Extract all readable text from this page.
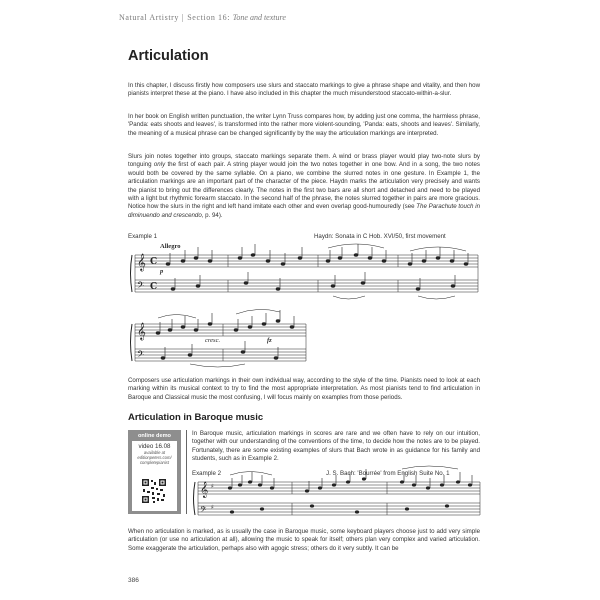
Natural Artistry | Section 16: Tone and texture
Articulation

In this chapter, I discuss firstly how composers use slurs and staccato markings to give a phrase shape and vitality, and then how pianists interpret these at the piano. I have also included in this chapter the much misunderstood staccato-within-a-slur.

In her book on English written punctuation, the writer Lynn Truss compares how, by adding just one comma, the harmless phrase, 'Panda: eats shoots and leaves', is transformed into the rather more violent-sounding, 'Panda: eats, shoots and leaves'. Similarly, the meaning of a musical phrase can be changed significantly by the way the articulation markings are interpreted.

Slurs join notes together into groups, staccato markings separate them. A wind or brass player would play two-note slurs by tonguing only the first of each pair. A string player would join the two notes together in one bow. And in a song, the two notes would both be covered by the same syllable. On a piano, we combine the slurred notes in one gesture. In Example 1, the articulation markings are an important part of the character of the piece. Haydn marks the articulation very precisely and wants the pianist to bring out the differences clearly. The notes in the first two bars are all short and detached and need to be played with a light but rhythmic forearm staccato. In the second half of the phrase, the notes slurred together in pairs are more gracious. Notice how the slurs in the right and left hand imitate each other and even overlap good-humouredly (see The Parachute touch in diminuendo and crescendo, p. 94).

Example 1	Haydn: Sonata in C Hob. XVI/50, first movement
Allegro
p
cresc.	fz
𝄞
𝄢
C
C
𝄞
𝄢

Composers use articulation markings in their own individual way, according to the style of the time. Pianists need to look at each marking within its musical context to try to find the most appropriate interpretation. As most pianists tend to find articulation in Baroque and Classical music the most confusing, I will focus mainly on examples from those periods.

Articulation in Baroque music
online demo
video 16.08
available at
editionpeters.com/
completepianist

In Baroque music, articulation markings in scores are rare and we often have to rely on our intuition, together with our understanding of the conventions of the time, to decide how the notes are to be played. Fortunately, there are some existing examples of slurs that Bach wrote in as guidance for his family and students, such as in Example 2.

Example 2	J. S. Bach: 'Bourrée' from English Suite No. 1
𝄞
𝄢
♯
♯

When no articulation is marked, as is usually the case in Baroque music, some keyboard players choose just to add very simple articulation (or use no articulation at all), allowing the music to speak for itself; others plan very complex and varied articulation. Some exaggerate the articulation, perhaps also with agogic stress; others do it very subtly. It can be

386
